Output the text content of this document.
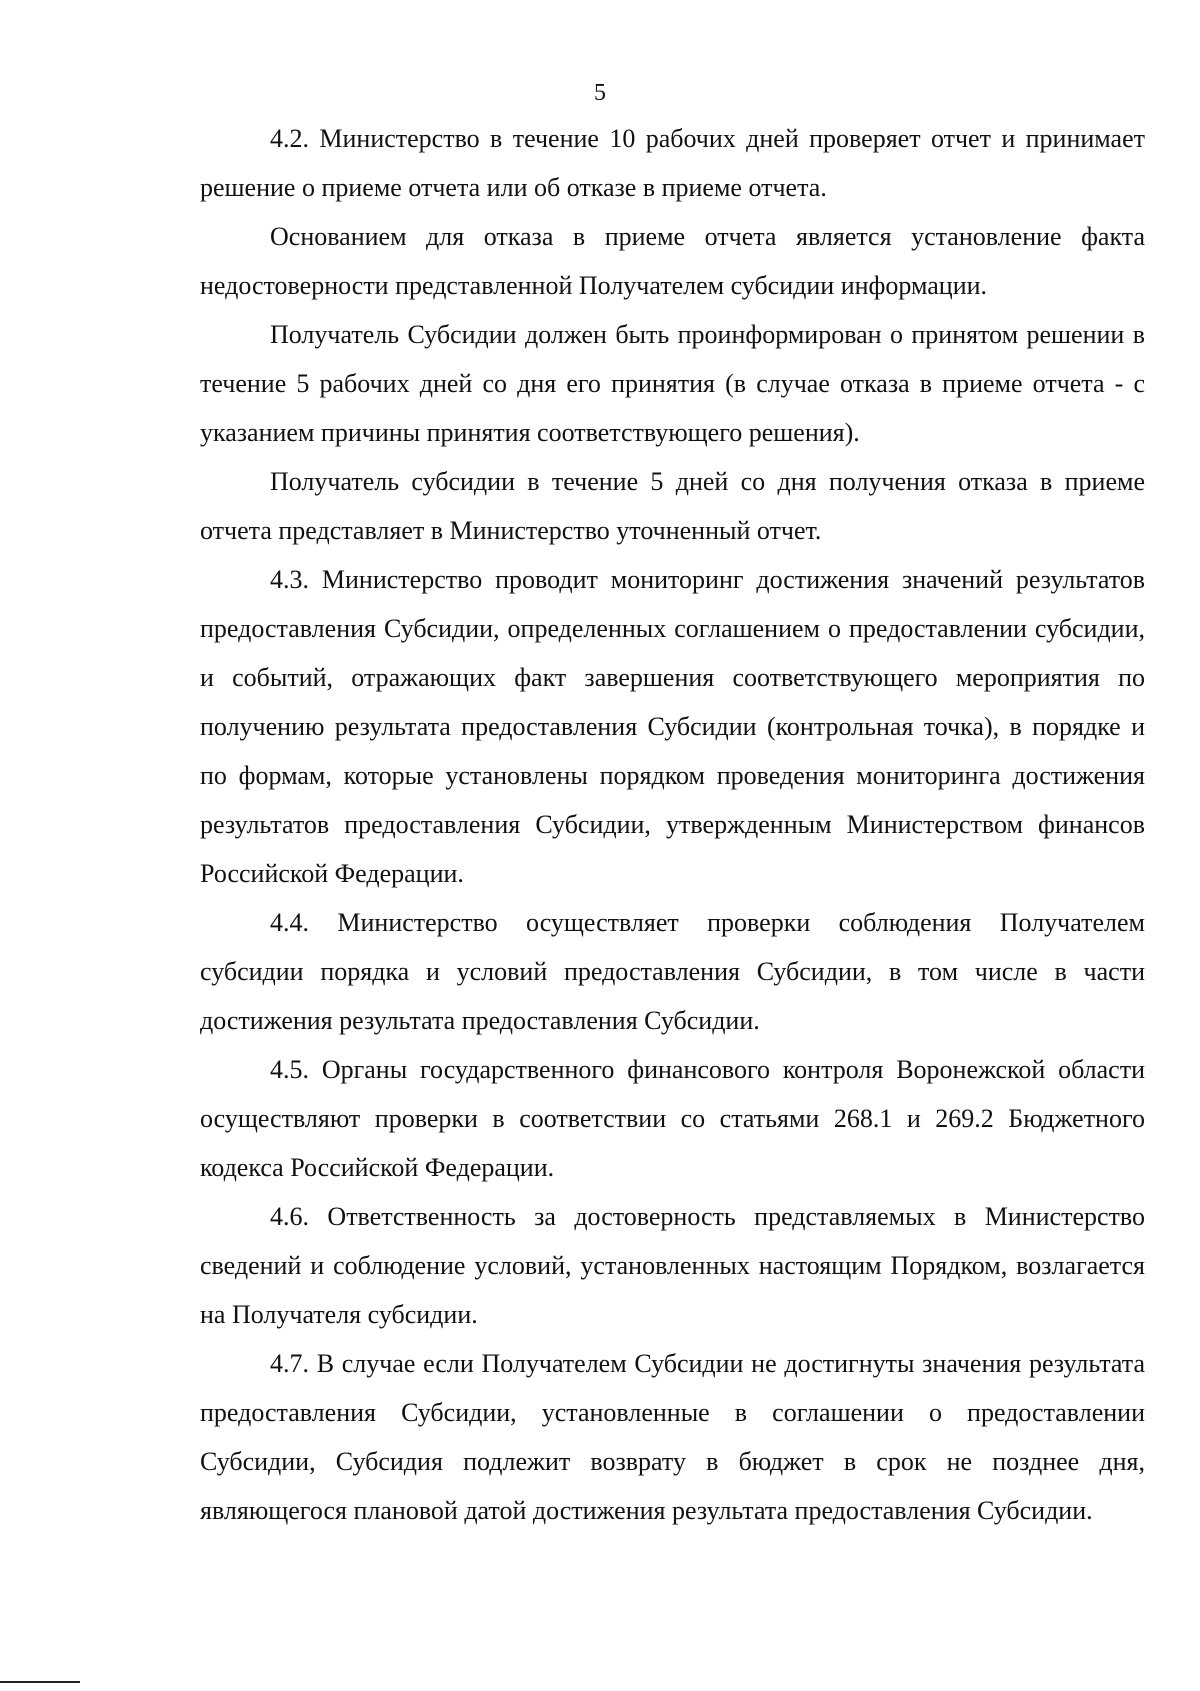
5

4.2. Министерство в течение 10 рабочих дней проверяет отчет и принимает решение о приеме отчета или об отказе в приеме отчета.

Основанием для отказа в приеме отчета является установление факта недостоверности представленной Получателем субсидии информации.

Получатель Субсидии должен быть проинформирован о принятом решении в течение 5 рабочих дней со дня его принятия (в случае отказа в приеме отчета - с указанием причины принятия соответствующего решения).

Получатель субсидии в течение 5 дней со дня получения отказа в приеме отчета представляет в Министерство уточненный отчет.

4.3. Министерство проводит мониторинг достижения значений результатов предоставления Субсидии, определенных соглашением о предоставлении субсидии, и событий, отражающих факт завершения соответствующего мероприятия по получению результата предоставления Субсидии (контрольная точка), в порядке и по формам, которые установлены порядком проведения мониторинга достижения результатов предоставления Субсидии, утвержденным Министерством финансов Российской Федерации.

4.4. Министерство осуществляет проверки соблюдения Получателем субсидии порядка и условий предоставления Субсидии, в том числе в части достижения результата предоставления Субсидии.

4.5. Органы государственного финансового контроля Воронежской области осуществляют проверки в соответствии со статьями 268.1 и 269.2 Бюджетного кодекса Российской Федерации.

4.6. Ответственность за достоверность представляемых в Министерство сведений и соблюдение условий, установленных настоящим Порядком, возлагается на Получателя субсидии.

4.7. В случае если Получателем Субсидии не достигнуты значения результата предоставления Субсидии, установленные в соглашении о предоставлении Субсидии, Субсидия подлежит возврату в бюджет в срок не позднее дня, являющегося плановой датой достижения результата предоставления Субсидии.
